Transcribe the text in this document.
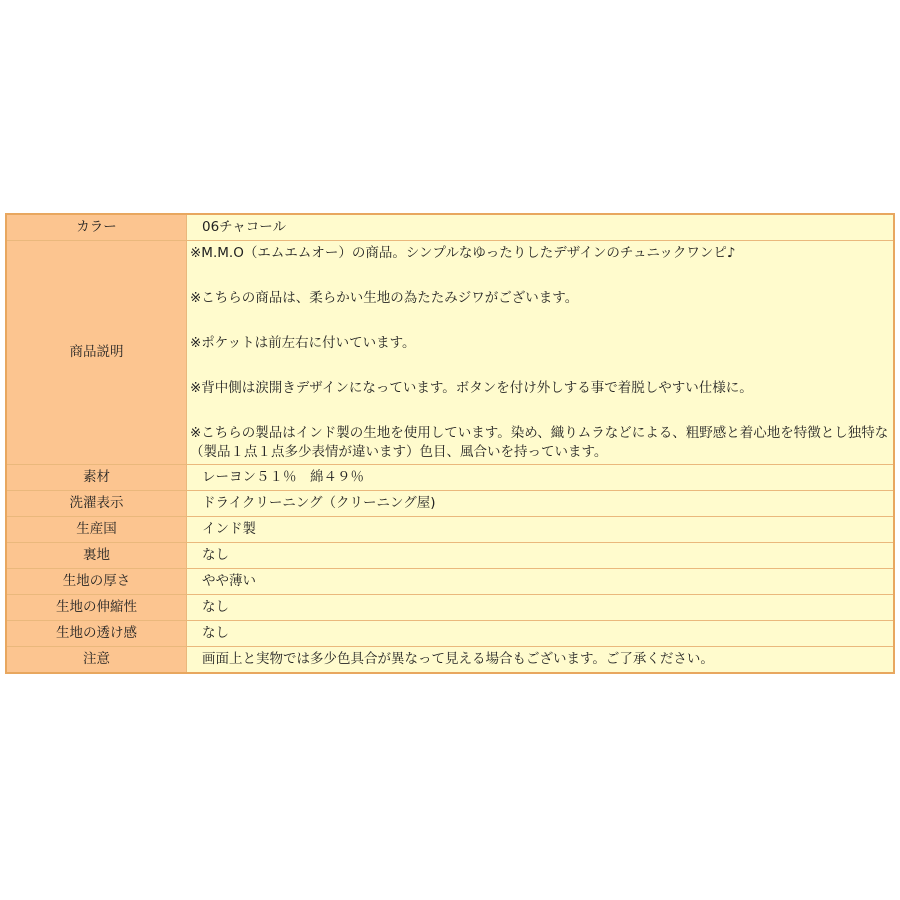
カラー	06チャコール
商品説明	※M.M.O（エムエムオー）の商品。シンプルなゆったりしたデザインのチュニックワンピ♪
※こちらの商品は、柔らかい生地の為たたみジワがございます。
※ポケットは前左右に付いています。
※背中側は涙開きデザインになっています。ボタンを付け外しする事で着脱しやすい仕様に。
※こちらの製品はインド製の生地を使用しています。染め、織りムラなどによる、粗野感と着心地を特徴とし独特な（製品１点１点多少表情が違います）色目、風合いを持っています。

素材	レーヨン５１％　綿４９％
洗濯表示	ドライクリーニング（クリーニング屋)
生産国	インド製
裏地	なし
生地の厚さ	やや薄い
生地の伸縮性	なし
生地の透け感	なし
注意	画面上と実物では多少色具合が異なって見える場合もございます。ご了承ください。
